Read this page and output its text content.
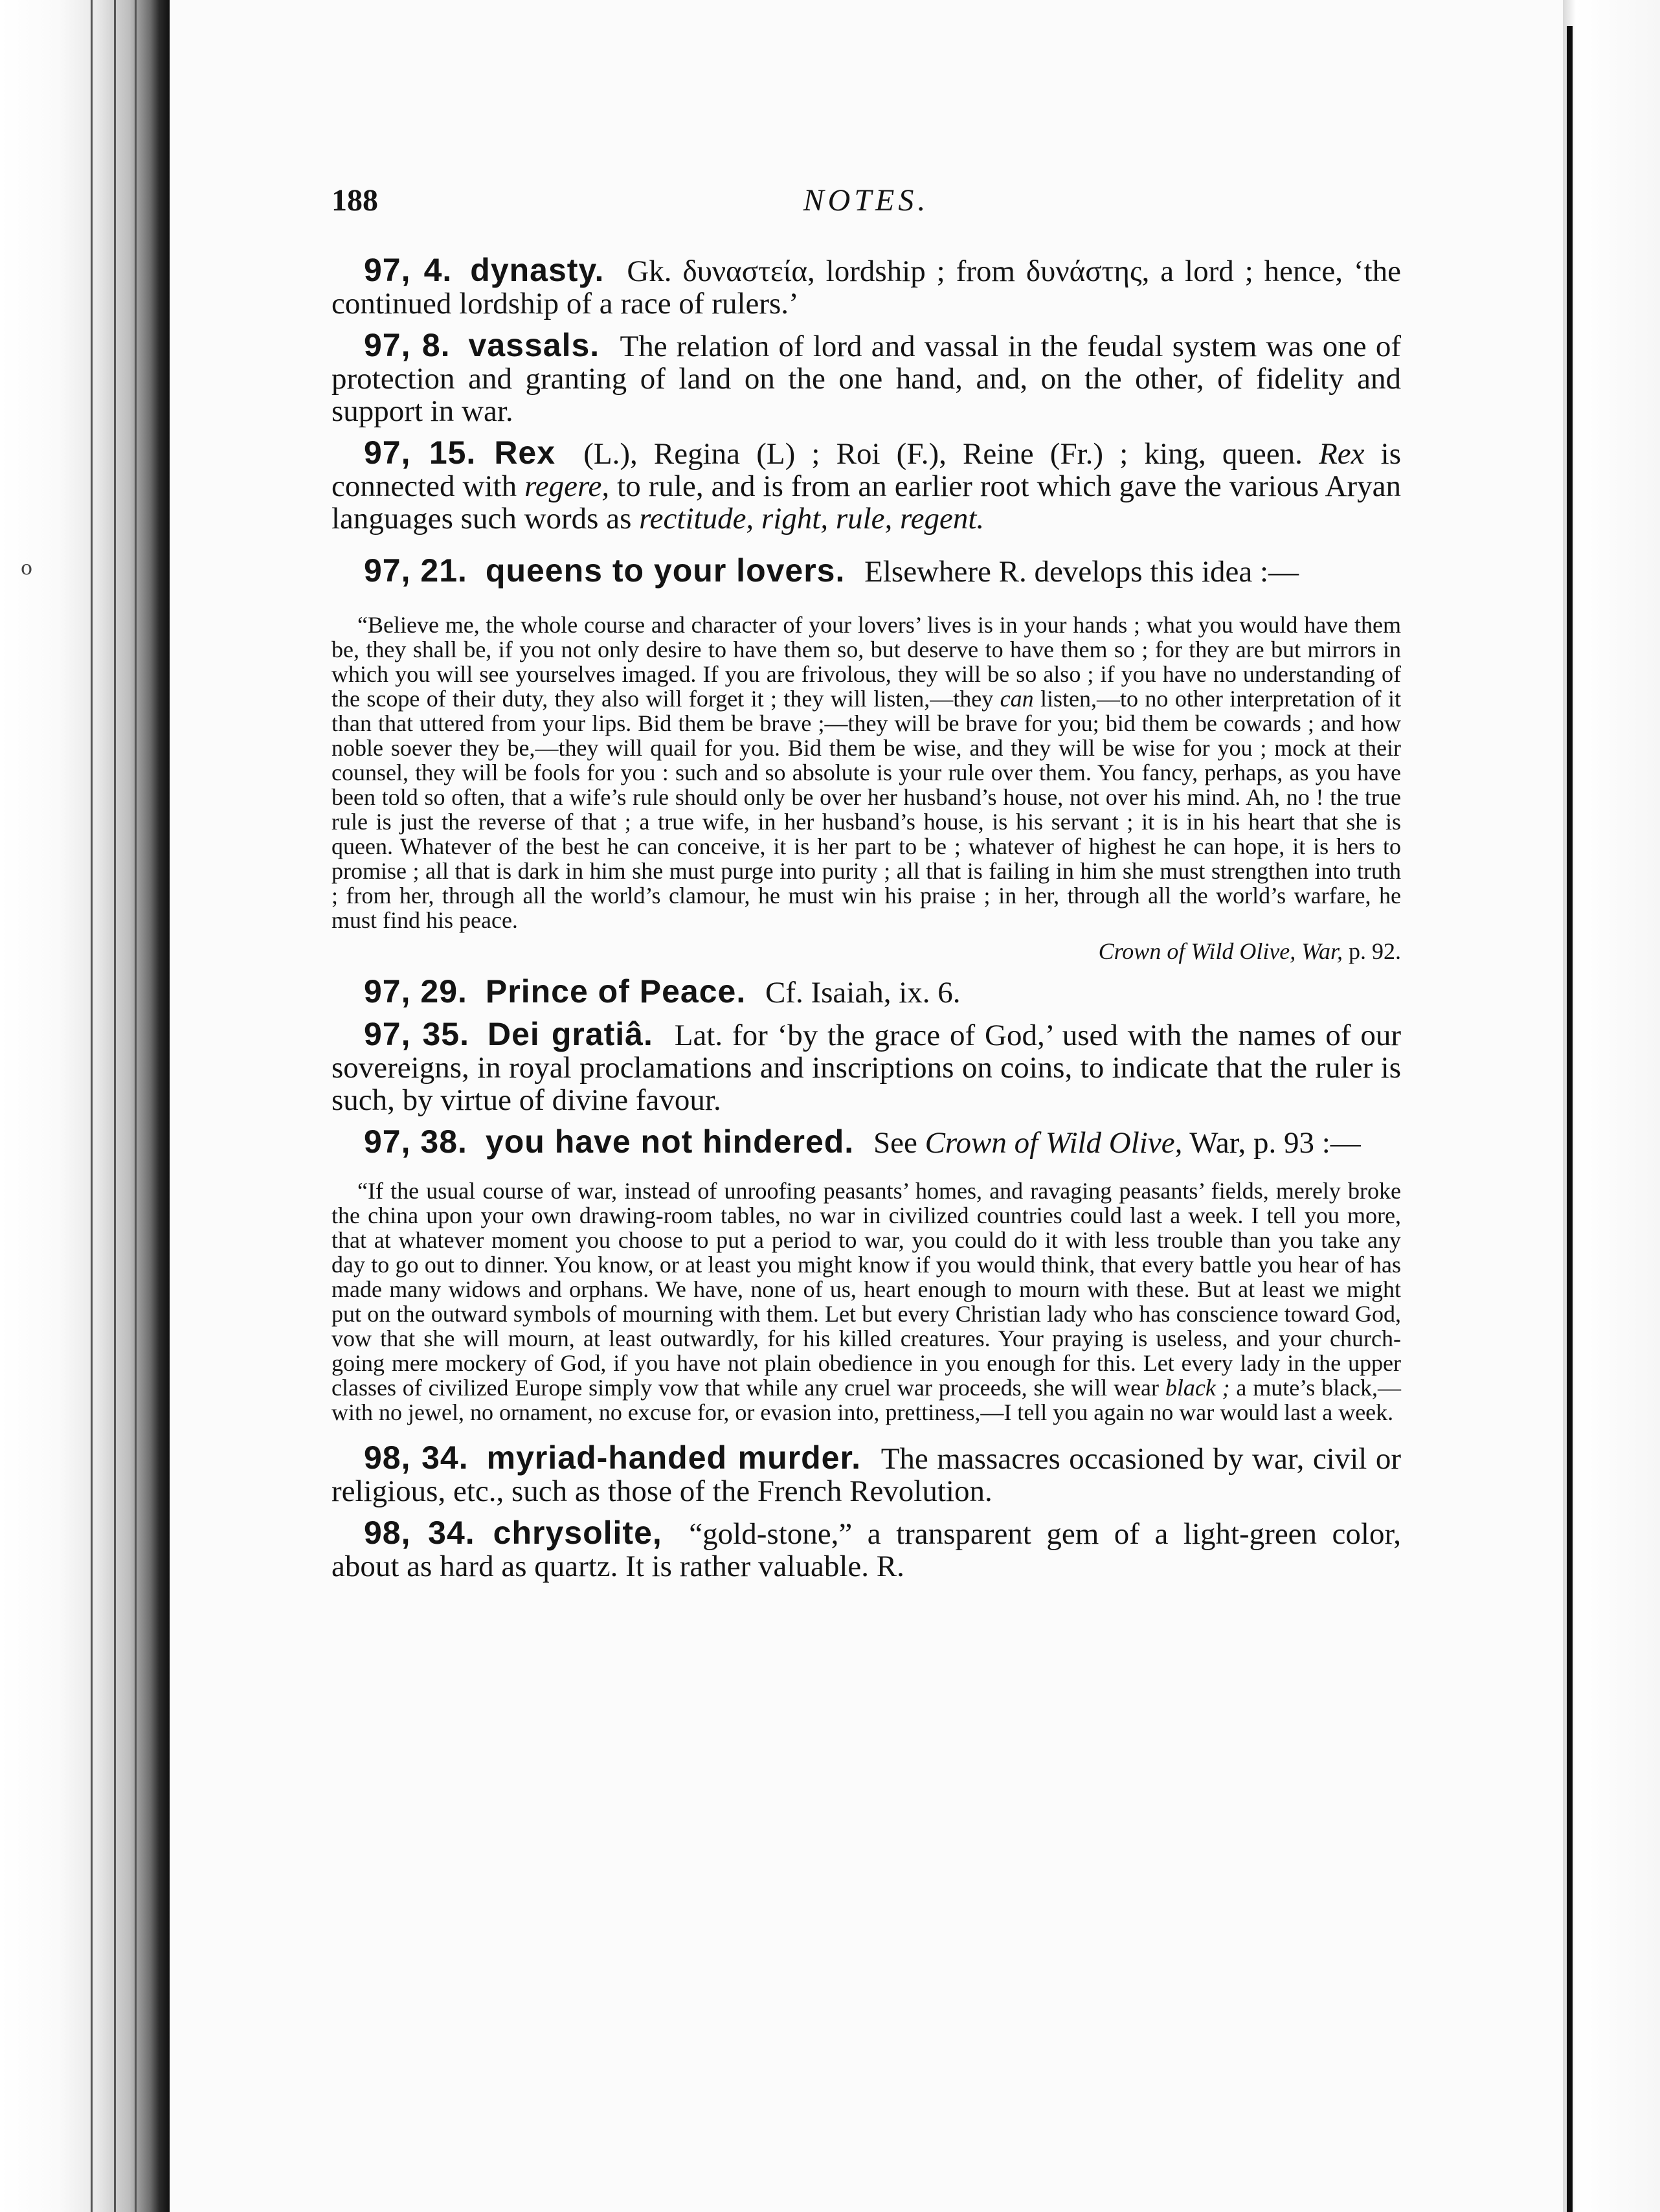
o
188	NOTES.

97, 4. dynasty. Gk. δυναστεία, lordship ; from δυνάστης, a lord ; hence, ‘the continued lordship of a race of rulers.’

97, 8. vassals. The relation of lord and vassal in the feudal system was one of protection and granting of land on the one hand, and, on the other, of fidelity and support in war.

97, 15. Rex (L.), Regina (L) ; Roi (F.), Reine (Fr.) ; king, queen. Rex is connected with regere, to rule, and is from an earlier root which gave the various Aryan languages such words as rectitude, right, rule, regent.

97, 21. queens to your lovers. Elsewhere R. develops this idea :—

“Believe me, the whole course and character of your lovers’ lives is in your hands ; what you would have them be, they shall be, if you not only desire to have them so, but deserve to have them so ; for they are but mirrors in which you will see yourselves imaged. If you are frivolous, they will be so also ; if you have no understanding of the scope of their duty, they also will forget it ; they will listen,—they can listen,—to no other interpretation of it than that uttered from your lips. Bid them be brave ;—they will be brave for you; bid them be cowards ; and how noble soever they be,—they will quail for you. Bid them be wise, and they will be wise for you ; mock at their counsel, they will be fools for you : such and so absolute is your rule over them. You fancy, perhaps, as you have been told so often, that a wife’s rule should only be over her husband’s house, not over his mind. Ah, no ! the true rule is just the reverse of that ; a true wife, in her husband’s house, is his servant ; it is in his heart that she is queen. Whatever of the best he can conceive, it is her part to be ; whatever of highest he can hope, it is hers to promise ; all that is dark in him she must purge into purity ; all that is failing in him she must strengthen into truth ; from her, through all the world’s clamour, he must win his praise ; in her, through all the world’s warfare, he must find his peace.

Crown of Wild Olive, War, p. 92.

97, 29. Prince of Peace. Cf. Isaiah, ix. 6.

97, 35. Dei gratiâ. Lat. for ‘by the grace of God,’ used with the names of our sovereigns, in royal proclamations and inscriptions on coins, to indicate that the ruler is such, by virtue of divine favour.

97, 38. you have not hindered. See Crown of Wild Olive, War, p. 93 :—

“If the usual course of war, instead of unroofing peasants’ homes, and ravaging peasants’ fields, merely broke the china upon your own drawing-room tables, no war in civilized countries could last a week. I tell you more, that at whatever moment you choose to put a period to war, you could do it with less trouble than you take any day to go out to dinner. You know, or at least you might know if you would think, that every battle you hear of has made many widows and orphans. We have, none of us, heart enough to mourn with these. But at least we might put on the outward symbols of mourning with them. Let but every Christian lady who has conscience toward God, vow that she will mourn, at least outwardly, for his killed creatures. Your praying is useless, and your church-going mere mockery of God, if you have not plain obedience in you enough for this. Let every lady in the upper classes of civilized Europe simply vow that while any cruel war proceeds, she will wear black ; a mute’s black,—with no jewel, no ornament, no excuse for, or evasion into, prettiness,—I tell you again no war would last a week.

98, 34. myriad-handed murder. The massacres occasioned by war, civil or religious, etc., such as those of the French Revolution.

98, 34. chrysolite, “gold-stone,” a transparent gem of a light-green color, about as hard as quartz. It is rather valuable. R.
